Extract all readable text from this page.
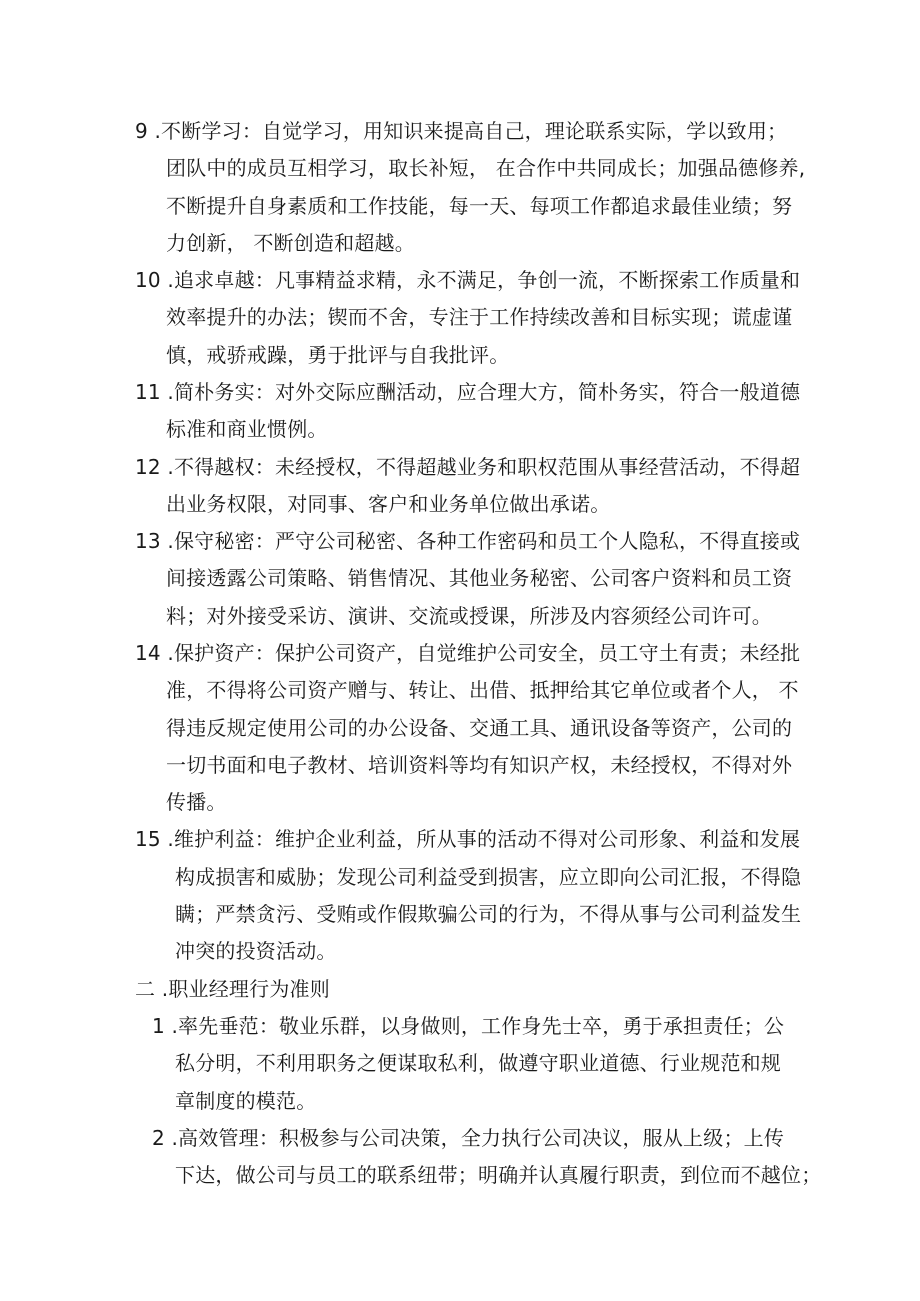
9 .不断学习：自觉学习，用知识来提高自己，理论联系实际，学以致用；
团队中的成员互相学习，取长补短， 在合作中共同成长；加强品德修养,
不断提升自身素质和工作技能，每一天、每项工作都追求最佳业绩；努
力创新， 不断创造和超越。
10 .追求卓越：凡事精益求精，永不满足，争创一流，不断探索工作质量和
效率提升的办法；锲而不舍，专注于工作持续改善和目标实现；谎虚谨
慎，戒骄戒躁，勇于批评与自我批评。
11 .简朴务实：对外交际应酬活动，应合理大方，简朴务实，符合一般道德
标准和商业惯例。
12 .不得越权：未经授权，不得超越业务和职权范围从事经营活动，不得超
出业务权限，对同事、客户和业务单位做出承诺。
13 .保守秘密：严守公司秘密、各种工作密码和员工个人隐私，不得直接或
间接透露公司策略、销售情况、其他业务秘密、公司客户资料和员工资
料；对外接受采访、演讲、交流或授课，所涉及内容须经公司许可。
14 .保护资产：保护公司资产，自觉维护公司安全，员工守土有责；未经批
准，不得将公司资产赠与、转让、出借、抵押给其它单位或者个人， 不
得违反规定使用公司的办公设备、交通工具、通讯设备等资产，公司的
一切书面和电子教材、培训资料等均有知识产权，未经授权，不得对外
传播。
15 .维护利益：维护企业利益，所从事的活动不得对公司形象、利益和发展
构成损害和威胁；发现公司利益受到损害，应立即向公司汇报，不得隐
瞒；严禁贪污、受贿或作假欺骗公司的行为，不得从事与公司利益发生
冲突的投资活动。
二 .职业经理行为准则
1 .率先垂范：敬业乐群，以身做则，工作身先士卒，勇于承担责任；公
私分明，不利用职务之便谋取私利，做遵守职业道德、行业规范和规
章制度的模范。
2 .高效管理：积极参与公司决策，全力执行公司决议，服从上级；上传
下达，做公司与员工的联系纽带；明确并认真履行职责，到位而不越位；
